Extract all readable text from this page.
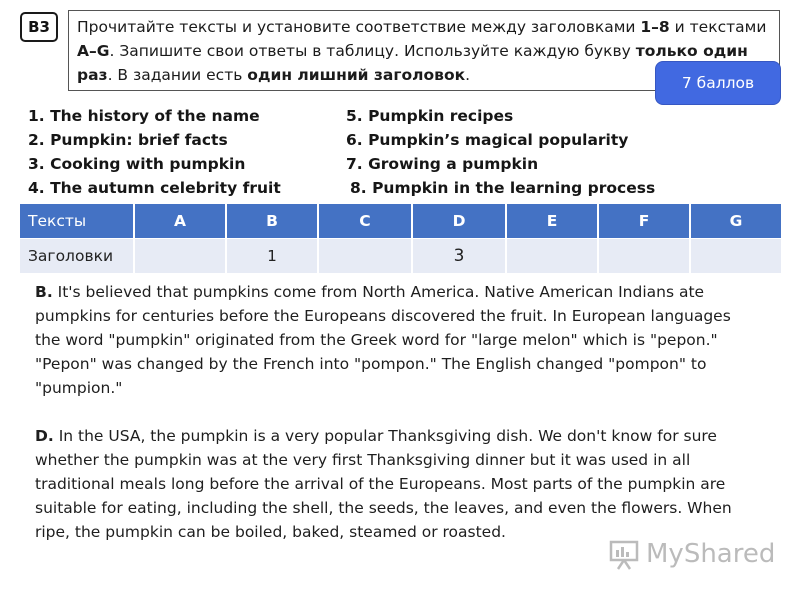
B3	Прочитайте тексты и установите соответствие между заголовками 1–8 и текстами A–G. Запишите свои ответы в таблицу. Используйте каждую букву только один раз. В задании есть один лишний заголовок.	7 баллов
1. The history of the name
2. Pumpkin: brief facts
3. Cooking with pumpkin
4. The autumn celebrity fruit
5. Pumpkin recipes
6. Pumpkin’s magical popularity
7. Growing a pumpkin
8. Pumpkin in the learning process
Тексты	A	B	C	D	E	F	G
Заголовки		1		3			

B. It's believed that pumpkins come from North America. Native American Indians ate pumpkins for centuries before the Europeans discovered the fruit. In European languages the word "pumpkin" originated from the Greek word for "large melon" which is "pepon." "Pepon" was changed by the French into "pompon." The English changed "pompon" to "pumpion."

D. In the USA, the pumpkin is a very popular Thanksgiving dish. We don't know for sure whether the pumpkin was at the very first Thanksgiving dinner but it was used in all traditional meals long before the arrival of the Europeans. Most parts of the pumpkin are suitable for eating, including the shell, the seeds, the leaves, and even the flowers. When ripe, the pumpkin can be boiled, baked, steamed or roasted.

MyShared
